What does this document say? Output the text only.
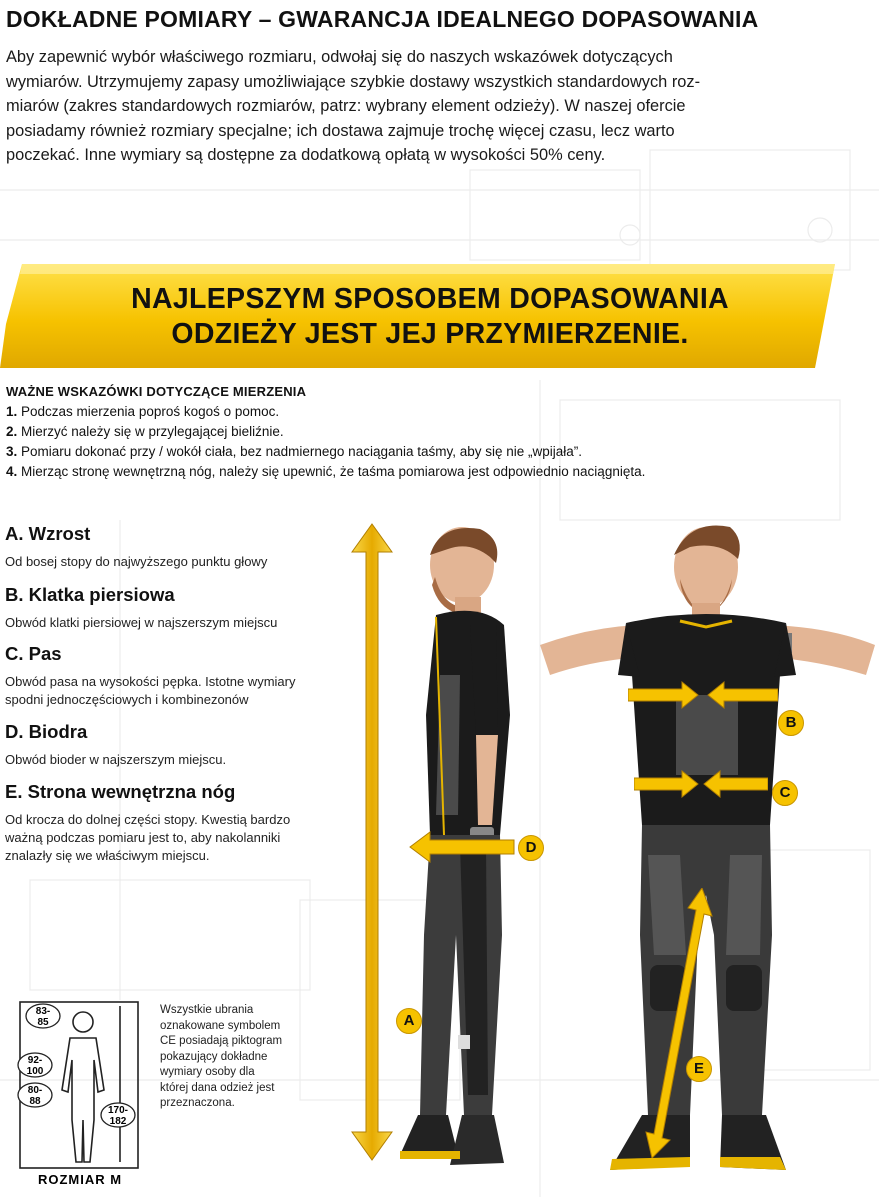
DOKŁADNE POMIARY – GWARANCJA IDEALNEGO DOPASOWANIA
Aby zapewnić wybór właściwego rozmiaru, odwołaj się do naszych wskazówek dotyczących
wymiarów. Utrzymujemy zapasy umożliwiające szybkie dostawy wszystkich standardowych roz-
miarów (zakres standardowych rozmiarów, patrz: wybrany element odzieży). W naszej ofercie
posiadamy również rozmiary specjalne; ich dostawa zajmuje trochę więcej czasu, lecz warto
poczekać. Inne wymiary są dostępne za dodatkową opłatą w wysokości 50% ceny.
NAJLEPSZYM SPOSOBEM DOPASOWANIA
ODZIEŻY JEST JEJ PRZYMIERZENIE.
WAŻNE WSKAZÓWKI DOTYCZĄCE MIERZENIA
1. Podczas mierzenia poproś kogoś o pomoc.
2. Mierzyć należy się w przylegającej bieliźnie.
3. Pomiaru dokonać przy / wokół ciała, bez nadmiernego naciągania taśmy, aby się nie „wpijała”.
4. Mierząc stronę wewnętrzną nóg, należy się upewnić, że taśma pomiarowa jest odpowiednio naciągnięta.
A. Wzrost
Od bosej stopy do najwyższego punktu głowy
B. Klatka piersiowa
Obwód klatki piersiowej w najszerszym miejscu
C. Pas
Obwód pasa na wysokości pępka. Istotne wymiary
spodni jednoczęściowych i kombinezonów
D. Biodra
Obwód bioder w najszerszym miejscu.
E. Strona wewnętrzna nóg
Od krocza do dolnej części stopy. Kwestią bardzo
ważną podczas pomiaru jest to, aby nakolanniki
znalazły się we właściwym miejscu.
A
B
C
D
E
83-
85
92-
100
80-
88
170-
182
ROZMIAR M
Wszystkie ubrania
oznakowane symbolem
CE posiadają piktogram
pokazujący dokładne
wymiary osoby dla
której dana odzież jest
przeznaczona.
